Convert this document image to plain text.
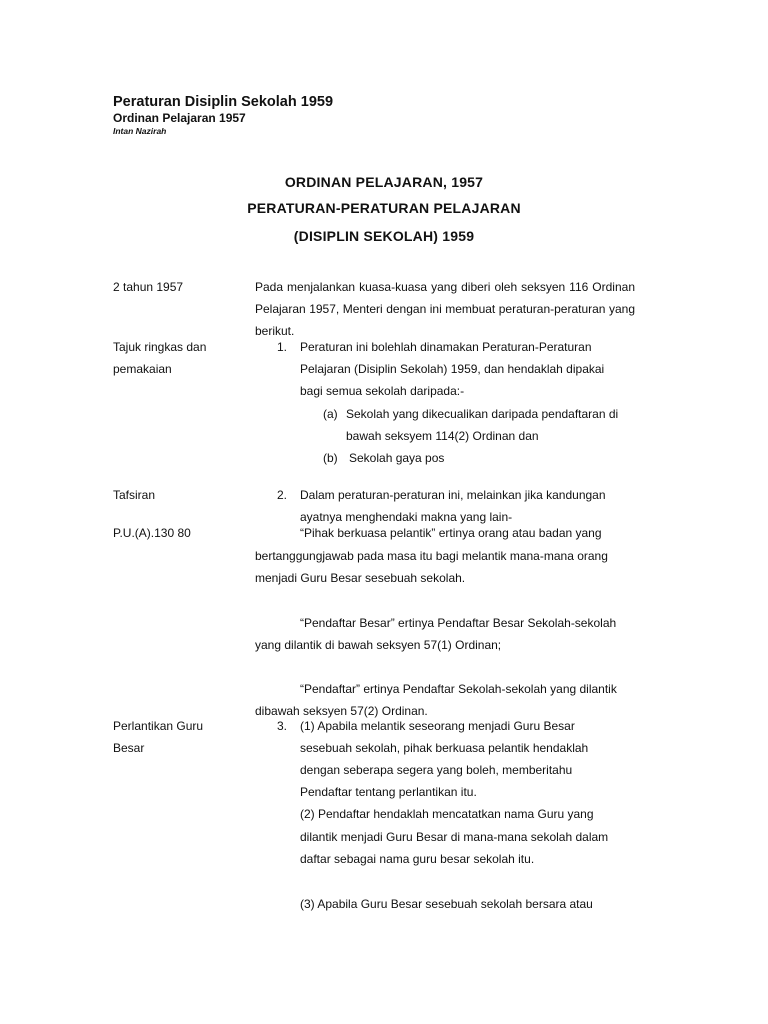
Peraturan Disiplin Sekolah 1959
Ordinan Pelajaran 1957
Intan Nazirah
ORDINAN PELAJARAN, 1957
PERATURAN-PERATURAN PELAJARAN
(DISIPLIN SEKOLAH) 1959
2 tahun 1957
Tajuk ringkas dan
pemakaian
Tafsiran
P.U.(A).130 80
Perlantikan Guru
Besar
Pada menjalankan kuasa-kuasa yang diberi oleh seksyen 116 Ordinan Pelajaran 1957, Menteri dengan ini membuat peraturan-peraturan yang berikut.
1. Peraturan ini bolehlah dinamakan Peraturan-Peraturan
Pelajaran (Disiplin Sekolah) 1959, dan hendaklah dipakai
bagi semua sekolah daripada:-
(a) Sekolah yang dikecualikan daripada pendaftaran di
bawah seksyem 114(2) Ordinan dan
(b) Sekolah gaya pos
2. Dalam peraturan-peraturan ini, melainkan jika kandungan
ayatnya menghendaki makna yang lain-
“Pihak berkuasa pelantik” ertinya orang atau badan yang
bertanggungjawab pada masa itu bagi melantik mana-mana orang
menjadi Guru Besar sesebuah sekolah.
“Pendaftar Besar” ertinya Pendaftar Besar Sekolah-sekolah
yang dilantik di bawah seksyen 57(1) Ordinan;
“Pendaftar” ertinya Pendaftar Sekolah-sekolah yang dilantik
dibawah seksyen 57(2) Ordinan.
3. (1) Apabila melantik seseorang menjadi Guru Besar
sesebuah sekolah, pihak berkuasa pelantik hendaklah
dengan seberapa segera yang boleh, memberitahu
Pendaftar tentang perlantikan itu.
(2) Pendaftar hendaklah mencatatkan nama Guru yang
dilantik menjadi Guru Besar di mana-mana sekolah dalam
daftar sebagai nama guru besar sekolah itu.
(3) Apabila Guru Besar sesebuah sekolah bersara atau
